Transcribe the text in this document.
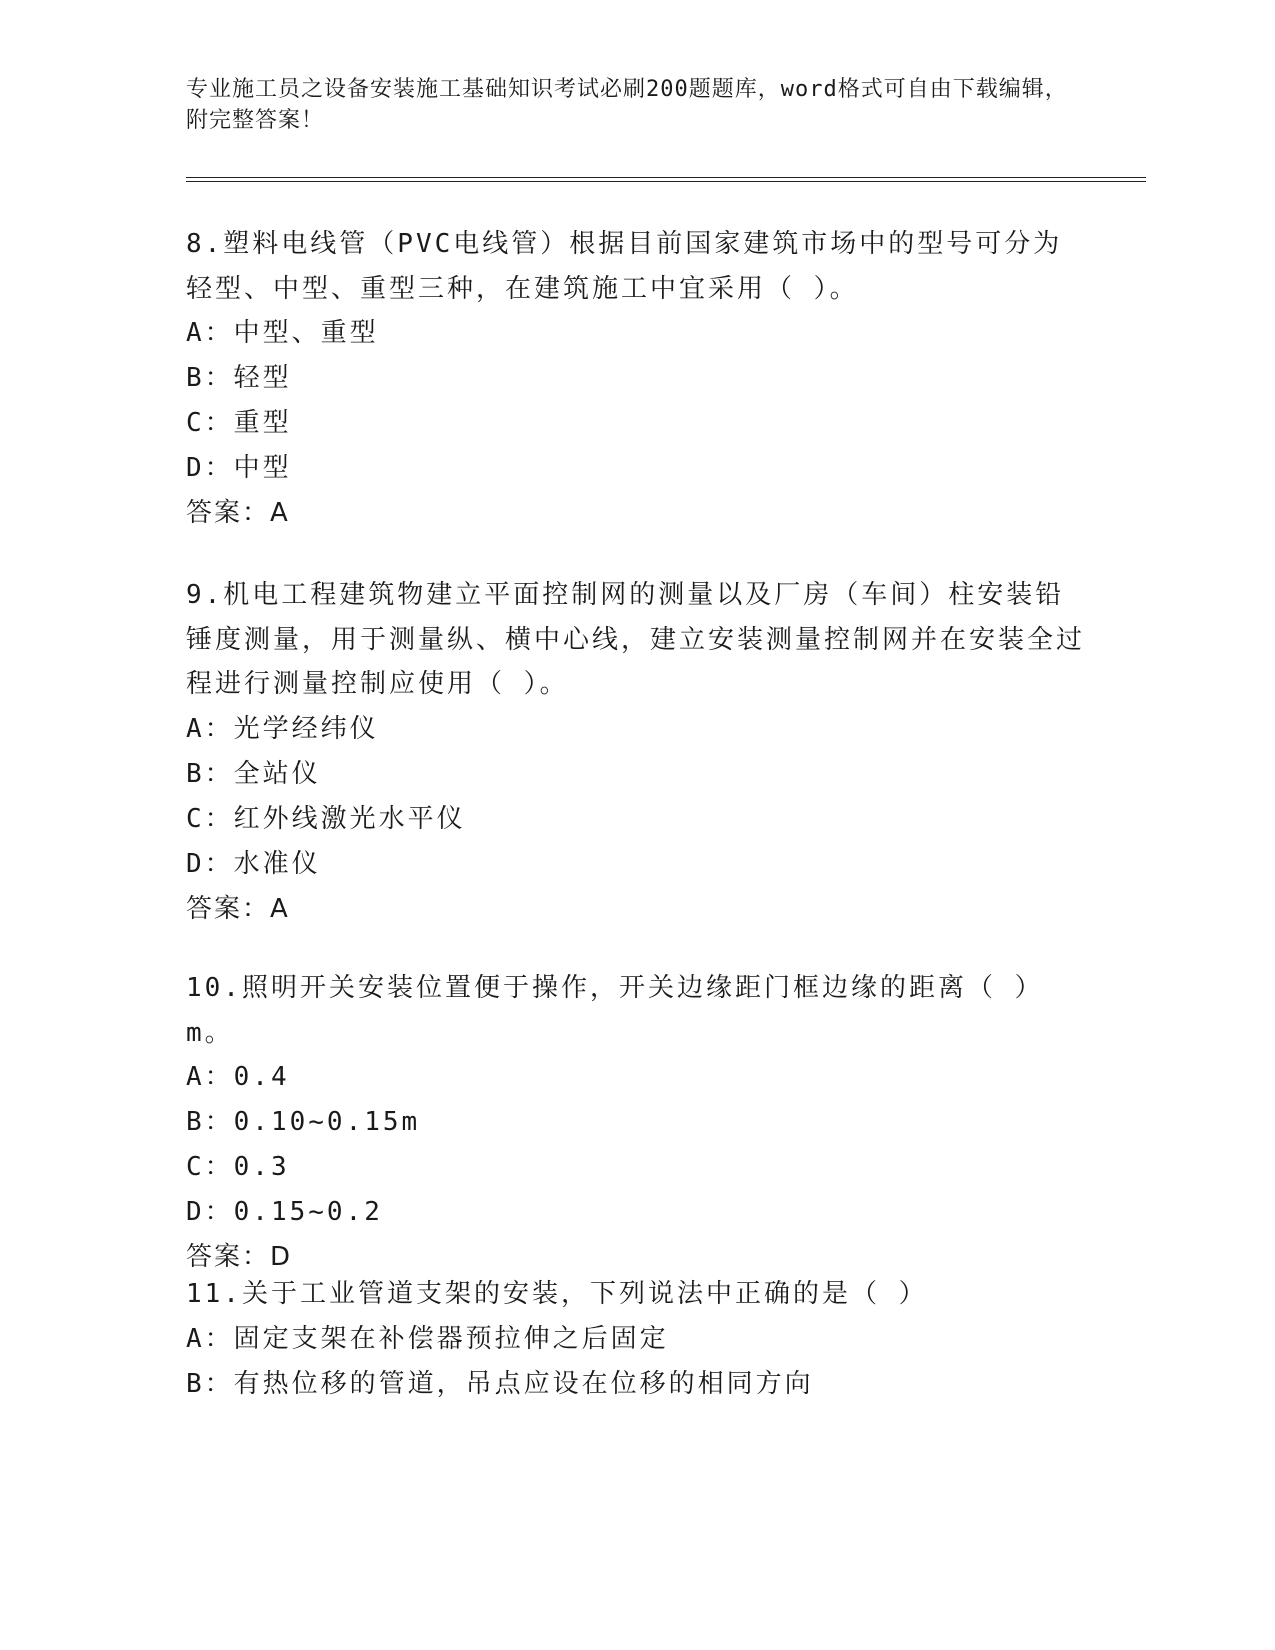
专业施工员之设备安装施工基础知识考试必刷200题题库，word格式可自由下载编辑，附完整答案！
8.塑料电线管（PVC电线管）根据目前国家建筑市场中的型号可分为轻型、中型、重型三种，在建筑施工中宜采用（ ）。
A：中型、重型
B：轻型
C：重型
D：中型
答案：A
9.机电工程建筑物建立平面控制网的测量以及厂房（车间）柱安装铅锤度测量，用于测量纵、横中心线，建立安装测量控制网并在安装全过程进行测量控制应使用（ ）。
A：光学经纬仪
B：全站仪
C：红外线激光水平仪
D：水准仪
答案：A
10.照明开关安装位置便于操作，开关边缘距门框边缘的距离（ ）m。
A：0.4
B：0.10~0.15m
C：0.3
D：0.15~0.2
答案：D
11.关于工业管道支架的安装，下列说法中正确的是（ ）
A：固定支架在补偿器预拉伸之后固定
B：有热位移的管道，吊点应设在位移的相同方向
